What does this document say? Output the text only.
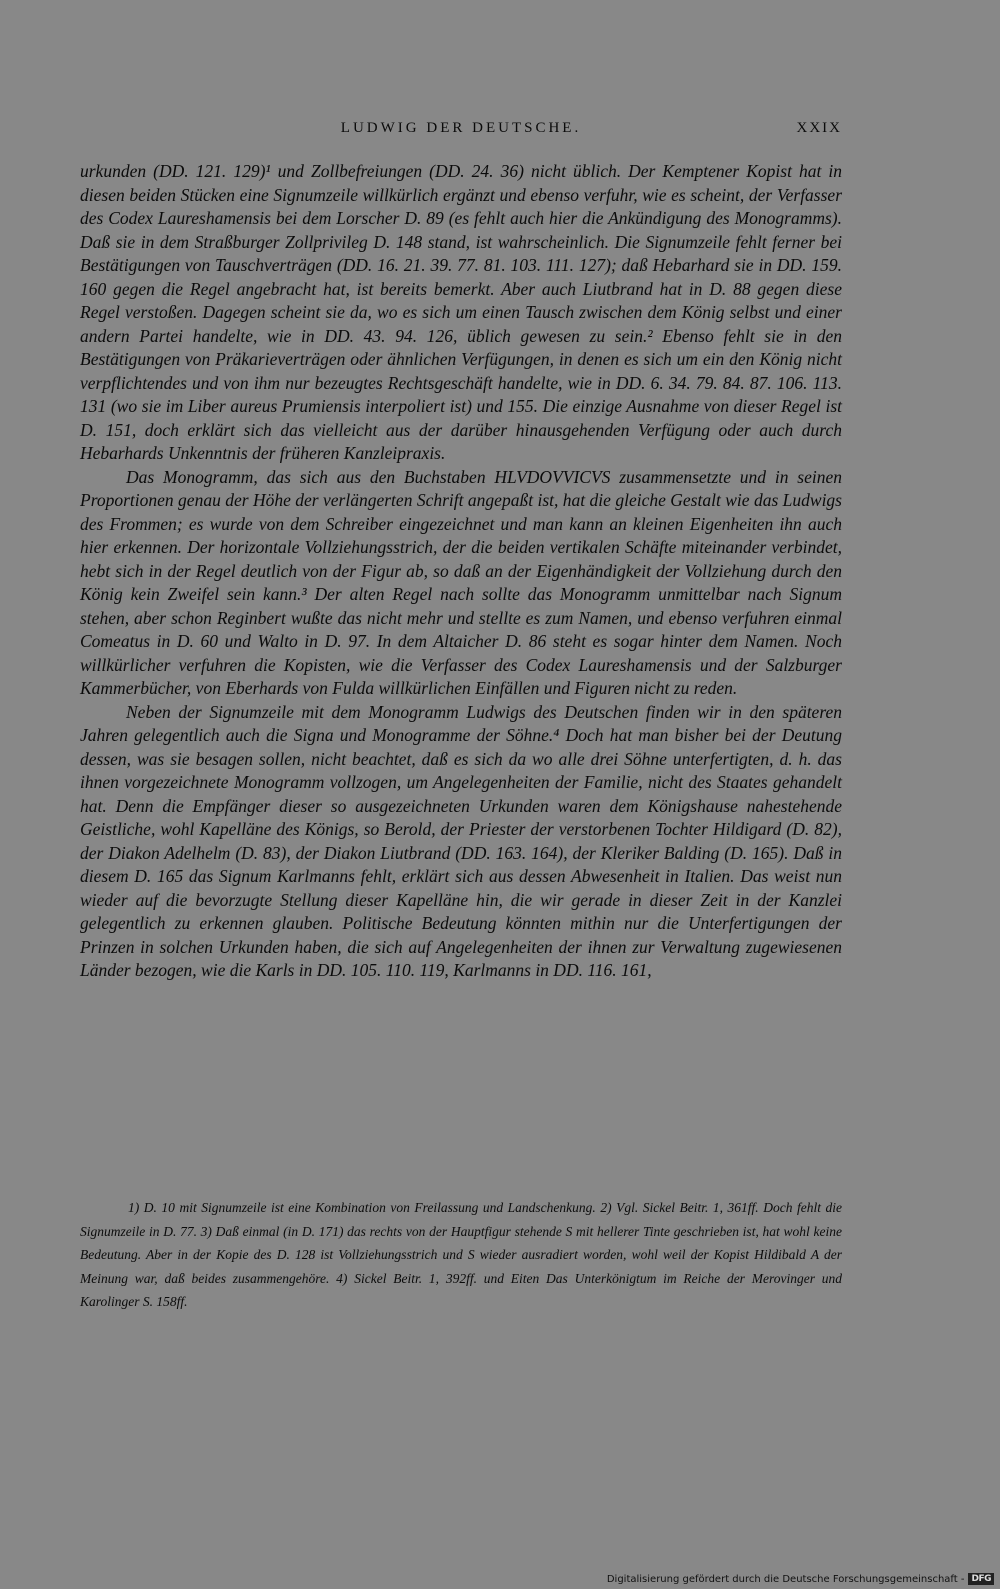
LUDWIG DER DEUTSCHE.	XXIX

urkunden (DD. 121. 129)¹ und Zollbefreiungen (DD. 24. 36) nicht üblich. Der Kemptener Kopist hat in diesen beiden Stücken eine Signumzeile willkürlich ergänzt und ebenso verfuhr, wie es scheint, der Verfasser des Codex Laureshamensis bei dem Lorscher D. 89 (es fehlt auch hier die Ankündigung des Monogramms). Daß sie in dem Straßburger Zollprivileg D. 148 stand, ist wahrscheinlich. Die Signumzeile fehlt ferner bei Bestätigungen von Tauschverträgen (DD. 16. 21. 39. 77. 81. 103. 111. 127); daß Hebarhard sie in DD. 159. 160 gegen die Regel angebracht hat, ist bereits bemerkt. Aber auch Liutbrand hat in D. 88 gegen diese Regel verstoßen. Dagegen scheint sie da, wo es sich um einen Tausch zwischen dem König selbst und einer andern Partei handelte, wie in DD. 43. 94. 126, üblich gewesen zu sein.² Ebenso fehlt sie in den Bestätigungen von Präkarieverträgen oder ähnlichen Verfügungen, in denen es sich um ein den König nicht verpflichtendes und von ihm nur bezeugtes Rechtsgeschäft handelte, wie in DD. 6. 34. 79. 84. 87. 106. 113. 131 (wo sie im Liber aureus Prumiensis interpoliert ist) und 155. Die einzige Ausnahme von dieser Regel ist D. 151, doch erklärt sich das vielleicht aus der darüber hinausgehenden Verfügung oder auch durch Hebarhards Unkenntnis der früheren Kanzleipraxis.

Das Monogramm, das sich aus den Buchstaben HLVDOVVICVS zusammensetzte und in seinen Proportionen genau der Höhe der verlängerten Schrift angepaßt ist, hat die gleiche Gestalt wie das Ludwigs des Frommen; es wurde von dem Schreiber eingezeichnet und man kann an kleinen Eigenheiten ihn auch hier erkennen. Der horizontale Vollziehungsstrich, der die beiden vertikalen Schäfte miteinander verbindet, hebt sich in der Regel deutlich von der Figur ab, so daß an der Eigenhändigkeit der Vollziehung durch den König kein Zweifel sein kann.³ Der alten Regel nach sollte das Monogramm unmittelbar nach Signum stehen, aber schon Reginbert wußte das nicht mehr und stellte es zum Namen, und ebenso verfuhren einmal Comeatus in D. 60 und Walto in D. 97. In dem Altaicher D. 86 steht es sogar hinter dem Namen. Noch willkürlicher verfuhren die Kopisten, wie die Verfasser des Codex Laureshamensis und der Salzburger Kammerbücher, von Eberhards von Fulda willkürlichen Einfällen und Figuren nicht zu reden.

Neben der Signumzeile mit dem Monogramm Ludwigs des Deutschen finden wir in den späteren Jahren gelegentlich auch die Signa und Monogramme der Söhne.⁴ Doch hat man bisher bei der Deutung dessen, was sie besagen sollen, nicht beachtet, daß es sich da wo alle drei Söhne unterfertigten, d. h. das ihnen vorgezeichnete Monogramm vollzogen, um Angelegenheiten der Familie, nicht des Staates gehandelt hat. Denn die Empfänger dieser so ausgezeichneten Urkunden waren dem Königshause nahestehende Geistliche, wohl Kapelläne des Königs, so Berold, der Priester der verstorbenen Tochter Hildigard (D. 82), der Diakon Adelhelm (D. 83), der Diakon Liutbrand (DD. 163. 164), der Kleriker Balding (D. 165). Daß in diesem D. 165 das Signum Karlmanns fehlt, erklärt sich aus dessen Abwesenheit in Italien. Das weist nun wieder auf die bevorzugte Stellung dieser Kapelläne hin, die wir gerade in dieser Zeit in der Kanzlei gelegentlich zu erkennen glauben. Politische Bedeutung könnten mithin nur die Unterfertigungen der Prinzen in solchen Urkunden haben, die sich auf Angelegenheiten der ihnen zur Verwaltung zugewiesenen Länder bezogen, wie die Karls in DD. 105. 110. 119, Karlmanns in DD. 116. 161,

1) D. 10 mit Signumzeile ist eine Kombination von Freilassung und Landschenkung. 2) Vgl. Sickel Beitr. 1, 361ff. Doch fehlt die Signumzeile in D. 77. 3) Daß einmal (in D. 171) das rechts von der Hauptfigur stehende S mit hellerer Tinte geschrieben ist, hat wohl keine Bedeutung. Aber in der Kopie des D. 128 ist Vollziehungsstrich und S wieder ausradiert worden, wohl weil der Kopist Hildibald A der Meinung war, daß beides zusammengehöre. 4) Sickel Beitr. 1, 392ff. und Eiten Das Unterkönigtum im Reiche der Merovinger und Karolinger S. 158ff.
Digitalisierung gefördert durch die Deutsche Forschungsgemeinschaft - DFG
